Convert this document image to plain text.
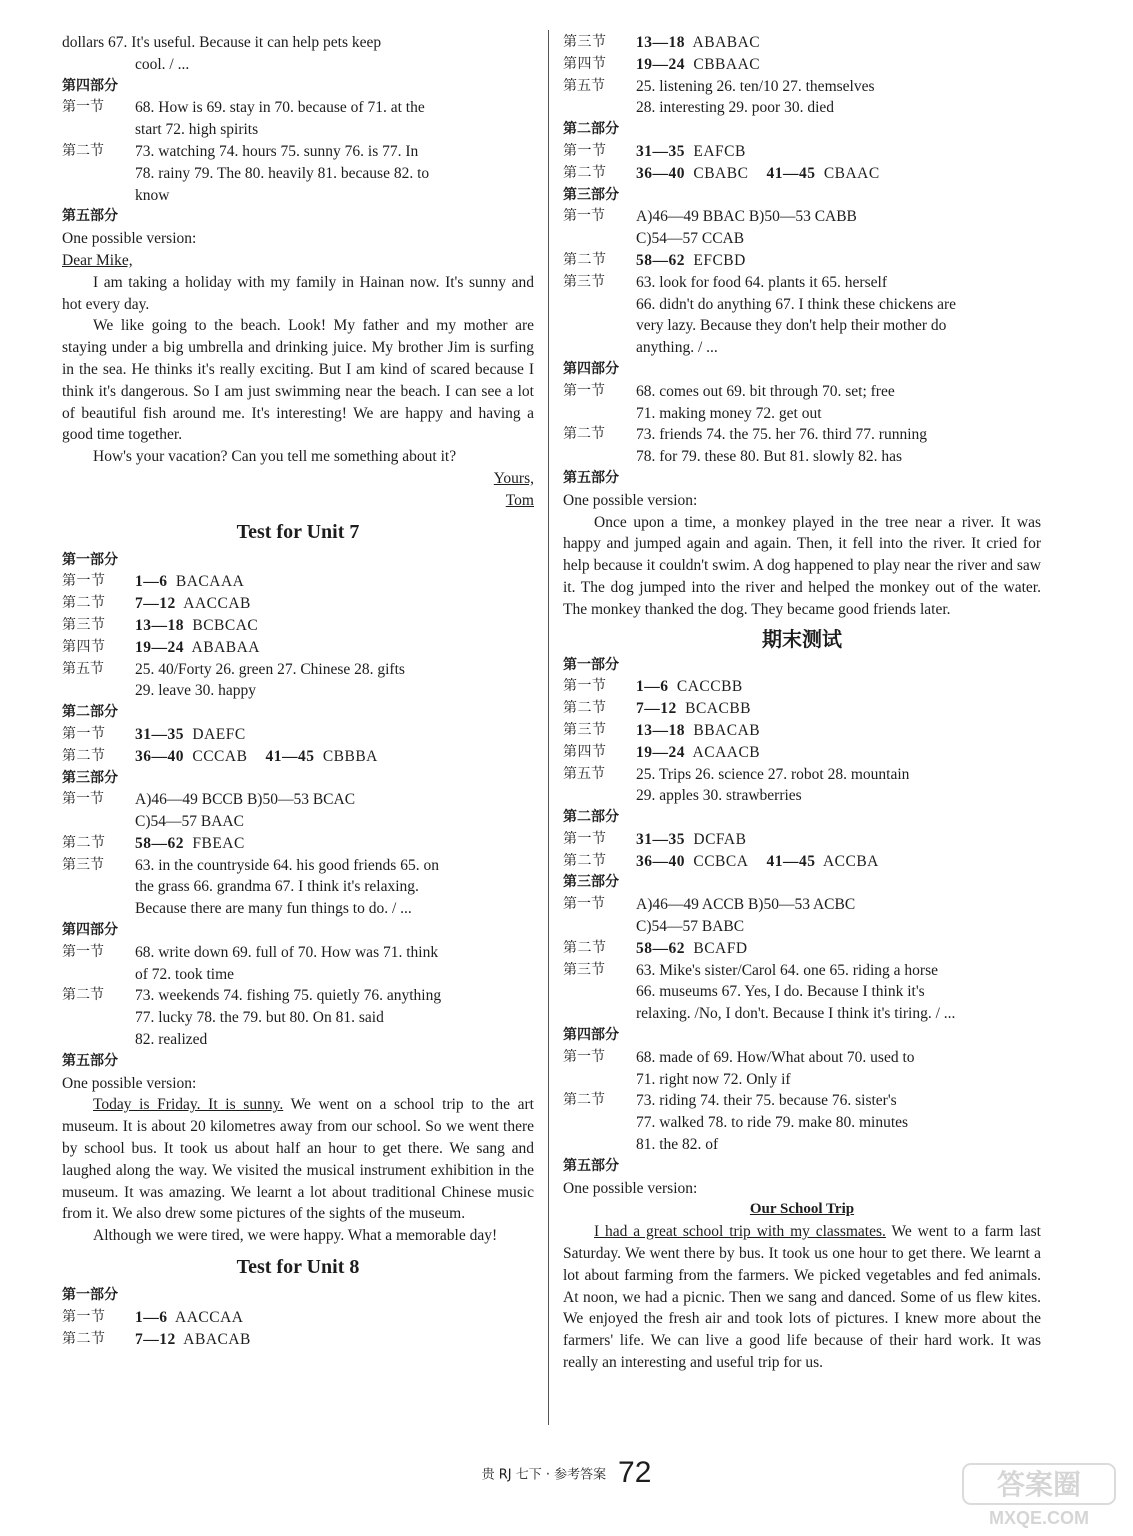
dollars 67. It's useful. Because it can help pets keep
cool. / ...
第四部分
第一节	68. How is 69. stay in 70. because of 71. at the
start 72. high spirits
第二节	73. watching 74. hours 75. sunny 76. is 77. In
78. rainy 79. The 80. heavily 81. because 82. to
know
第五部分
One possible version:
Dear Mike,
I am taking a holiday with my family in Hainan now. It's sunny and hot every day.
We like going to the beach. Look! My father and my mother are staying under a big umbrella and drinking juice. My brother Jim is surfing in the sea. He thinks it's really exciting. But I am kind of scared because I think it's dangerous. So I am just swimming near the beach. I can see a lot of beautiful fish around me. It's interesting! We are happy and having a good time together.
How's your vacation? Can you tell me something about it?
Yours,
Tom
Test for Unit 7
第一部分
第一节	1—6 BACAAA
第二节	7—12 AACCAB
第三节	13—18 BCBCAC
第四节	19—24 ABABAA
第五节	25. 40/Forty 26. green 27. Chinese 28. gifts
29. leave 30. happy
第二部分
第一节	31—35 DAEFC
第二节	36—40 CCCAB 41—45 CBBBA
第三部分
第一节	A)46—49 BCCB B)50—53 BCAC
C)54—57 BAAC
第二节	58—62 FBEAC
第三节	63. in the countryside 64. his good friends 65. on
the grass 66. grandma 67. I think it's relaxing.
Because there are many fun things to do. / ...
第四部分
第一节	68. write down 69. full of 70. How was 71. think
of 72. took time
第二节	73. weekends 74. fishing 75. quietly 76. anything
77. lucky 78. the 79. but 80. On 81. said
82. realized
第五部分
One possible version:
Today is Friday. It is sunny. We went on a school trip to the art museum. It is about 20 kilometres away from our school. So we went there by school bus. It took us about half an hour to get there. We sang and laughed along the way. We visited the musical instrument exhibition in the museum. It was amazing. We learnt a lot about traditional Chinese music from it. We also drew some pictures of the sights of the museum.
Although we were tired, we were happy. What a memorable day!
Test for Unit 8
第一部分
第一节	1—6 AACCAA
第二节	7—12 ABACAB
第三节	13—18 ABABAC
第四节	19—24 CBBAAC
第五节	25. listening 26. ten/10 27. themselves
28. interesting 29. poor 30. died
第二部分
第一节	31—35 EAFCB
第二节	36—40 CBABC 41—45 CBAAC
第三部分
第一节	A)46—49 BBAC B)50—53 CABB
C)54—57 CCAB
第二节	58—62 EFCBD
第三节	63. look for food 64. plants it 65. herself
66. didn't do anything 67. I think these chickens are
very lazy. Because they don't help their mother do
anything. / ...
第四部分
第一节	68. comes out 69. bit through 70. set; free
71. making money 72. get out
第二节	73. friends 74. the 75. her 76. third 77. running
78. for 79. these 80. But 81. slowly 82. has
第五部分
One possible version:
Once upon a time, a monkey played in the tree near a river. It was happy and jumped again and again. Then, it fell into the river. It cried for help because it couldn't swim. A dog happened to play near the river and saw it. The dog jumped into the river and helped the monkey out of the water. The monkey thanked the dog. They became good friends later.
期末测试
第一部分
第一节	1—6 CACCBB
第二节	7—12 BCACBB
第三节	13—18 BBACAB
第四节	19—24 ACAACB
第五节	25. Trips 26. science 27. robot 28. mountain
29. apples 30. strawberries
第二部分
第一节	31—35 DCFAB
第二节	36—40 CCBCA 41—45 ACCBA
第三部分
第一节	A)46—49 ACCB B)50—53 ACBC
C)54—57 BABC
第二节	58—62 BCAFD
第三节	63. Mike's sister/Carol 64. one 65. riding a horse
66. museums 67. Yes, I do. Because I think it's
relaxing. /No, I don't. Because I think it's tiring. / ...
第四部分
第一节	68. made of 69. How/What about 70. used to
71. right now 72. Only if
第二节	73. riding 74. their 75. because 76. sister's
77. walked 78. to ride 79. make 80. minutes
81. the 82. of
第五部分
One possible version:
Our School Trip
I had a great school trip with my classmates. We went to a farm last Saturday. We went there by bus. It took us one hour to get there. We learnt a lot about farming from the farmers. We picked vegetables and fed animals. At noon, we had a picnic. Then we sang and danced. Some of us flew kites. We enjoyed the fresh air and took lots of pictures. I knew more about the farmers' life. We can live a good life because of their hard work. It was really an interesting and useful trip for us.
贵 RJ 七下 · 参考答案 72	答案圈
MXQE.COM
